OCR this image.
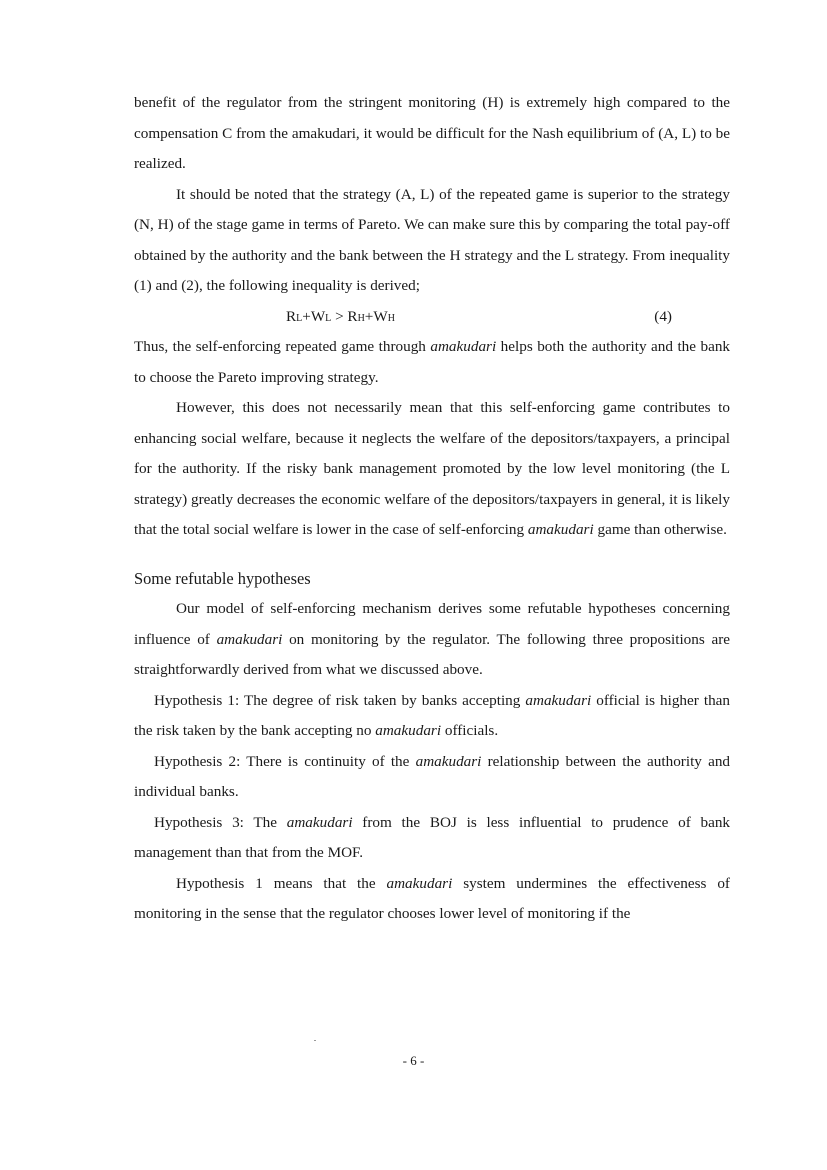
benefit of the regulator from the stringent monitoring (H) is extremely high compared to the compensation C from the amakudari, it would be difficult for the Nash equilibrium of (A, L) to be realized.

It should be noted that the strategy (A, L) of the repeated game is superior to the strategy (N, H) of the stage game in terms of Pareto. We can make sure this by comparing the total pay-off obtained by the authority and the bank between the H strategy and the L strategy. From inequality (1) and (2), the following inequality is derived;

RL+WL > RH+WH	(4)

Thus, the self-enforcing repeated game through amakudari helps both the authority and the bank to choose the Pareto improving strategy.

However, this does not necessarily mean that this self-enforcing game contributes to enhancing social welfare, because it neglects the welfare of the depositors/taxpayers, a principal for the authority. If the risky bank management promoted by the low level monitoring (the L strategy) greatly decreases the economic welfare of the depositors/taxpayers in general, it is likely that the total social welfare is lower in the case of self-enforcing amakudari game than otherwise.

Some refutable hypotheses

Our model of self-enforcing mechanism derives some refutable hypotheses concerning influence of amakudari on monitoring by the regulator. The following three propositions are straightforwardly derived from what we discussed above.

Hypothesis 1: The degree of risk taken by banks accepting amakudari official is higher than the risk taken by the bank accepting no amakudari officials.

Hypothesis 2: There is continuity of the amakudari relationship between the authority and individual banks.

Hypothesis 3: The amakudari from the BOJ is less influential to prudence of bank management than that from the MOF.

Hypothesis 1 means that the amakudari system undermines the effectiveness of monitoring in the sense that the regulator chooses lower level of monitoring if the

- 6 -
